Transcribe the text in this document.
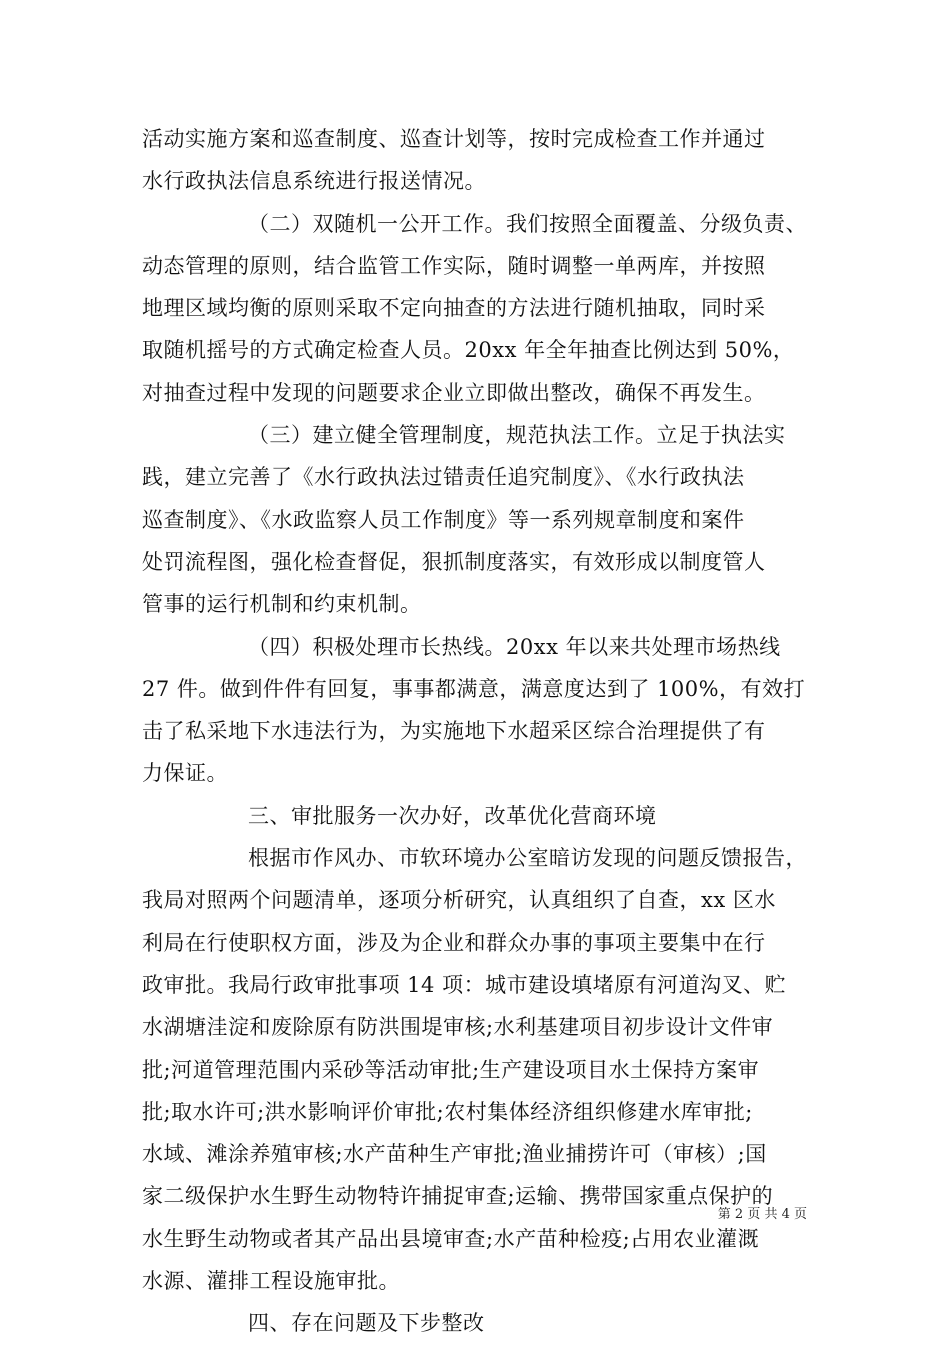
活动实施方案和巡查制度、巡查计划等，按时完成检查工作并通过
水行政执法信息系统进行报送情况。
（二）双随机一公开工作。我们按照全面覆盖、分级负责、
动态管理的原则，结合监管工作实际，随时调整一单两库，并按照
地理区域均衡的原则采取不定向抽查的方法进行随机抽取，同时采
取随机摇号的方式确定检查人员。20xx 年全年抽查比例达到 50%，
对抽查过程中发现的问题要求企业立即做出整改，确保不再发生。
（三）建立健全管理制度，规范执法工作。立足于执法实
践，建立完善了《水行政执法过错责任追究制度》、《水行政执法
巡查制度》、《水政监察人员工作制度》等一系列规章制度和案件
处罚流程图，强化检查督促，狠抓制度落实，有效形成以制度管人
管事的运行机制和约束机制。
（四）积极处理市长热线。20xx 年以来共处理市场热线
27 件。做到件件有回复，事事都满意，满意度达到了 100%，有效打
击了私采地下水违法行为，为实施地下水超采区综合治理提供了有
力保证。
三、审批服务一次办好，改革优化营商环境
根据市作风办、市软环境办公室暗访发现的问题反馈报告，
我局对照两个问题清单，逐项分析研究，认真组织了自查，xx 区水
利局在行使职权方面，涉及为企业和群众办事的事项主要集中在行
政审批。我局行政审批事项 14 项：城市建设填堵原有河道沟叉、贮
水湖塘洼淀和废除原有防洪围堤审核;水利基建项目初步设计文件审
批;河道管理范围内采砂等活动审批;生产建设项目水土保持方案审
批;取水许可;洪水影响评价审批;农村集体经济组织修建水库审批;
水域、滩涂养殖审核;水产苗种生产审批;渔业捕捞许可（审核）;国
家二级保护水生野生动物特许捕捉审查;运输、携带国家重点保护的
水生野生动物或者其产品出县境审查;水产苗种检疫;占用农业灌溉
水源、灌排工程设施审批。
四、存在问题及下步整改
第 2 页 共 4 页
